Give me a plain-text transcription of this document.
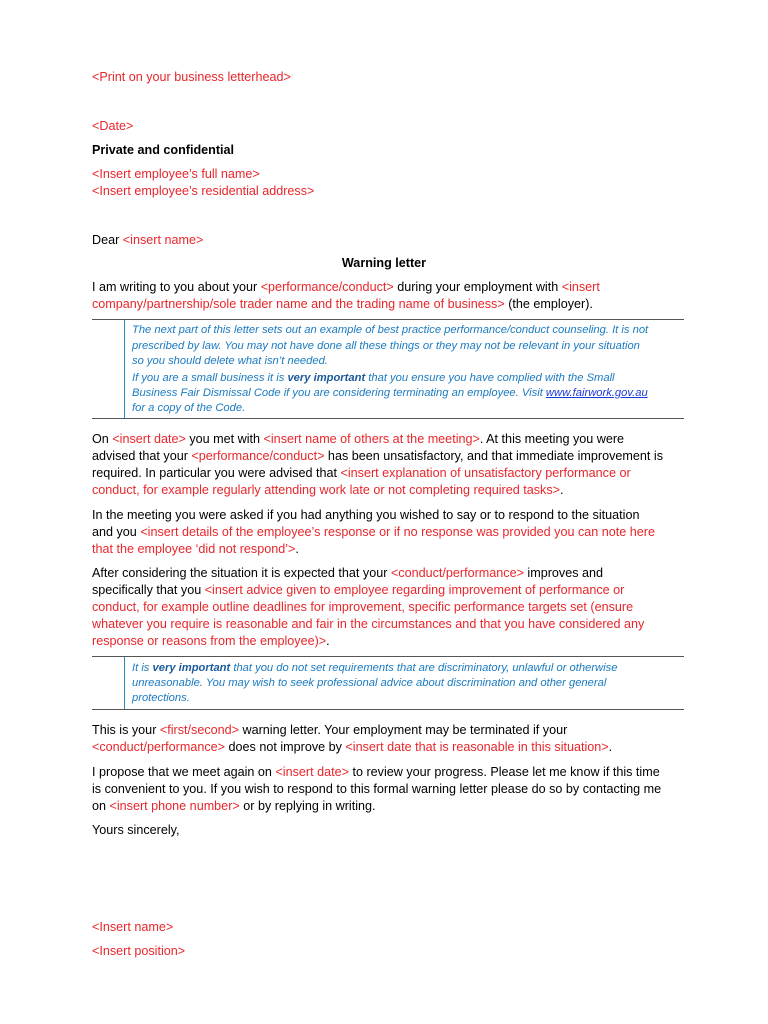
<Print on your business letterhead>
<Date>
Private and confidential
<Insert employee’s full name>
<Insert employee’s residential address>
Dear <insert name>
Warning letter
I am writing to you about your <performance/conduct> during your employment with <insert
company/partnership/sole trader name and the trading name of business> (the employer).
The next part of this letter sets out an example of best practice performance/conduct counseling. It is not
prescribed by law. You may not have done all these things or they may not be relevant in your situation
so you should delete what isn’t needed.
If you are a small business it is very important that you ensure you have complied with the Small
Business Fair Dismissal Code if you are considering terminating an employee. Visit www.fairwork.gov.au
for a copy of the Code.
On <insert date> you met with <insert name of others at the meeting>. At this meeting you were
advised that your <performance/conduct> has been unsatisfactory, and that immediate improvement is
required. In particular you were advised that <insert explanation of unsatisfactory performance or
conduct, for example regularly attending work late or not completing required tasks>.
In the meeting you were asked if you had anything you wished to say or to respond to the situation
and you <insert details of the employee’s response or if no response was provided you can note here
that the employee ‘did not respond’>.
After considering the situation it is expected that your <conduct/performance> improves and
specifically that you <insert advice given to employee regarding improvement of performance or
conduct, for example outline deadlines for improvement, specific performance targets set (ensure
whatever you require is reasonable and fair in the circumstances and that you have considered any
response or reasons from the employee)>.
It is very important that you do not set requirements that are discriminatory, unlawful or otherwise
unreasonable. You may wish to seek professional advice about discrimination and other general
protections.
This is your <first/second> warning letter. Your employment may be terminated if your
<conduct/performance> does not improve by <insert date that is reasonable in this situation>.
I propose that we meet again on <insert date> to review your progress. Please let me know if this time
is convenient to you. If you wish to respond to this formal warning letter please do so by contacting me
on <insert phone number> or by replying in writing.
Yours sincerely,
<Insert name>
<Insert position>
